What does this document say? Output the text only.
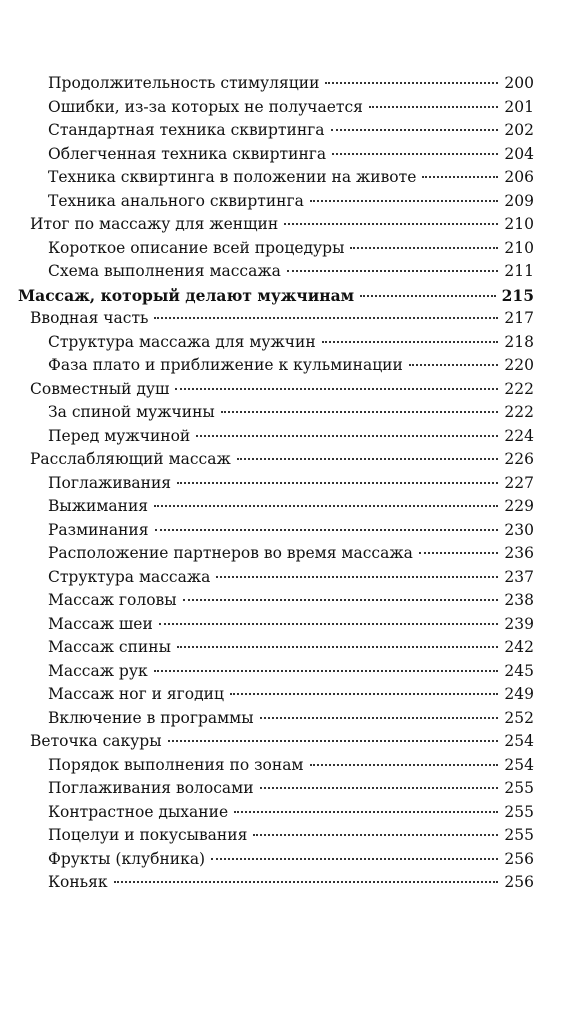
Продолжительность стимуляции	200
Ошибки, из-за которых не получается	201
Стандартная техника сквиртинга	202
Облегченная техника сквиртинга	204
Техника сквиртинга в положении на животе	206
Техника анального сквиртинга	209
Итог по массажу для женщин	210
Короткое описание всей процедуры	210
Схема выполнения массажа	211
Массаж, который делают мужчинам	215
Вводная часть	217
Структура массажа для мужчин	218
Фаза плато и приближение к кульминации	220
Совместный душ	222
За спиной мужчины	222
Перед мужчиной	224
Расслабляющий массаж	226
Поглаживания	227
Выжимания	229
Разминания	230
Расположение партнеров во время массажа	236
Структура массажа	237
Массаж головы	238
Массаж шеи	239
Массаж спины	242
Массаж рук	245
Массаж ног и ягодиц	249
Включение в программы	252
Веточка сакуры	254
Порядок выполнения по зонам	254
Поглаживания волосами	255
Контрастное дыхание	255
Поцелуи и покусывания	255
Фрукты (клубника)	256
Коньяк	256
